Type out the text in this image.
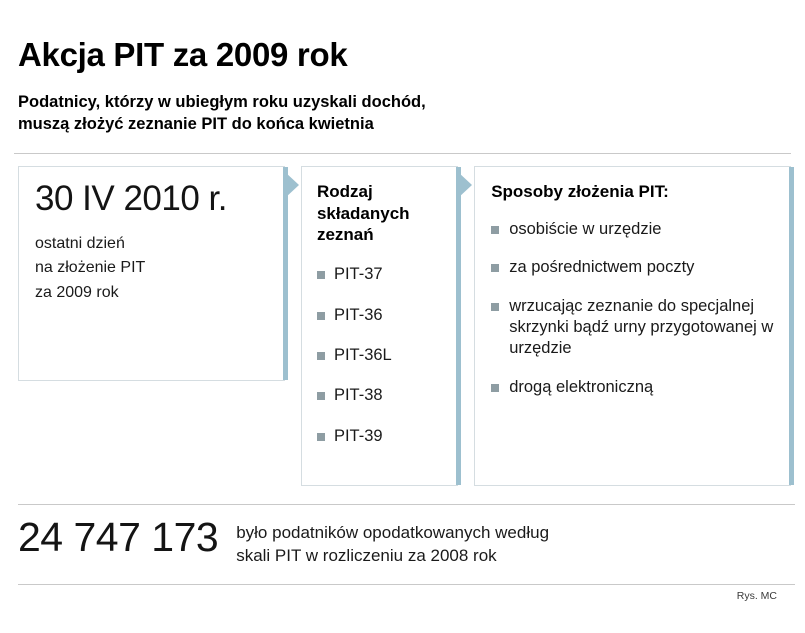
Akcja PIT za 2009 rok
Podatnicy, którzy w ubiegłym roku uzyskali dochód,
muszą złożyć zeznanie PIT do końca kwietnia
30 IV 2010 r.
ostatni dzień
na złożenie PIT
za 2009 rok
Rodzaj
składanych
zeznań
PIT-37
PIT-36
PIT-36L
PIT-38
PIT-39
Sposoby złożenia PIT:
osobiście w urzędzie
za pośrednictwem poczty
wrzucając zeznanie do specjalnej skrzynki bądź urny przygotowanej w urzędzie
drogą elektroniczną
24 747 173	było podatników opodatkowanych według
skali PIT w rozliczeniu za 2008 rok
Rys. MC
